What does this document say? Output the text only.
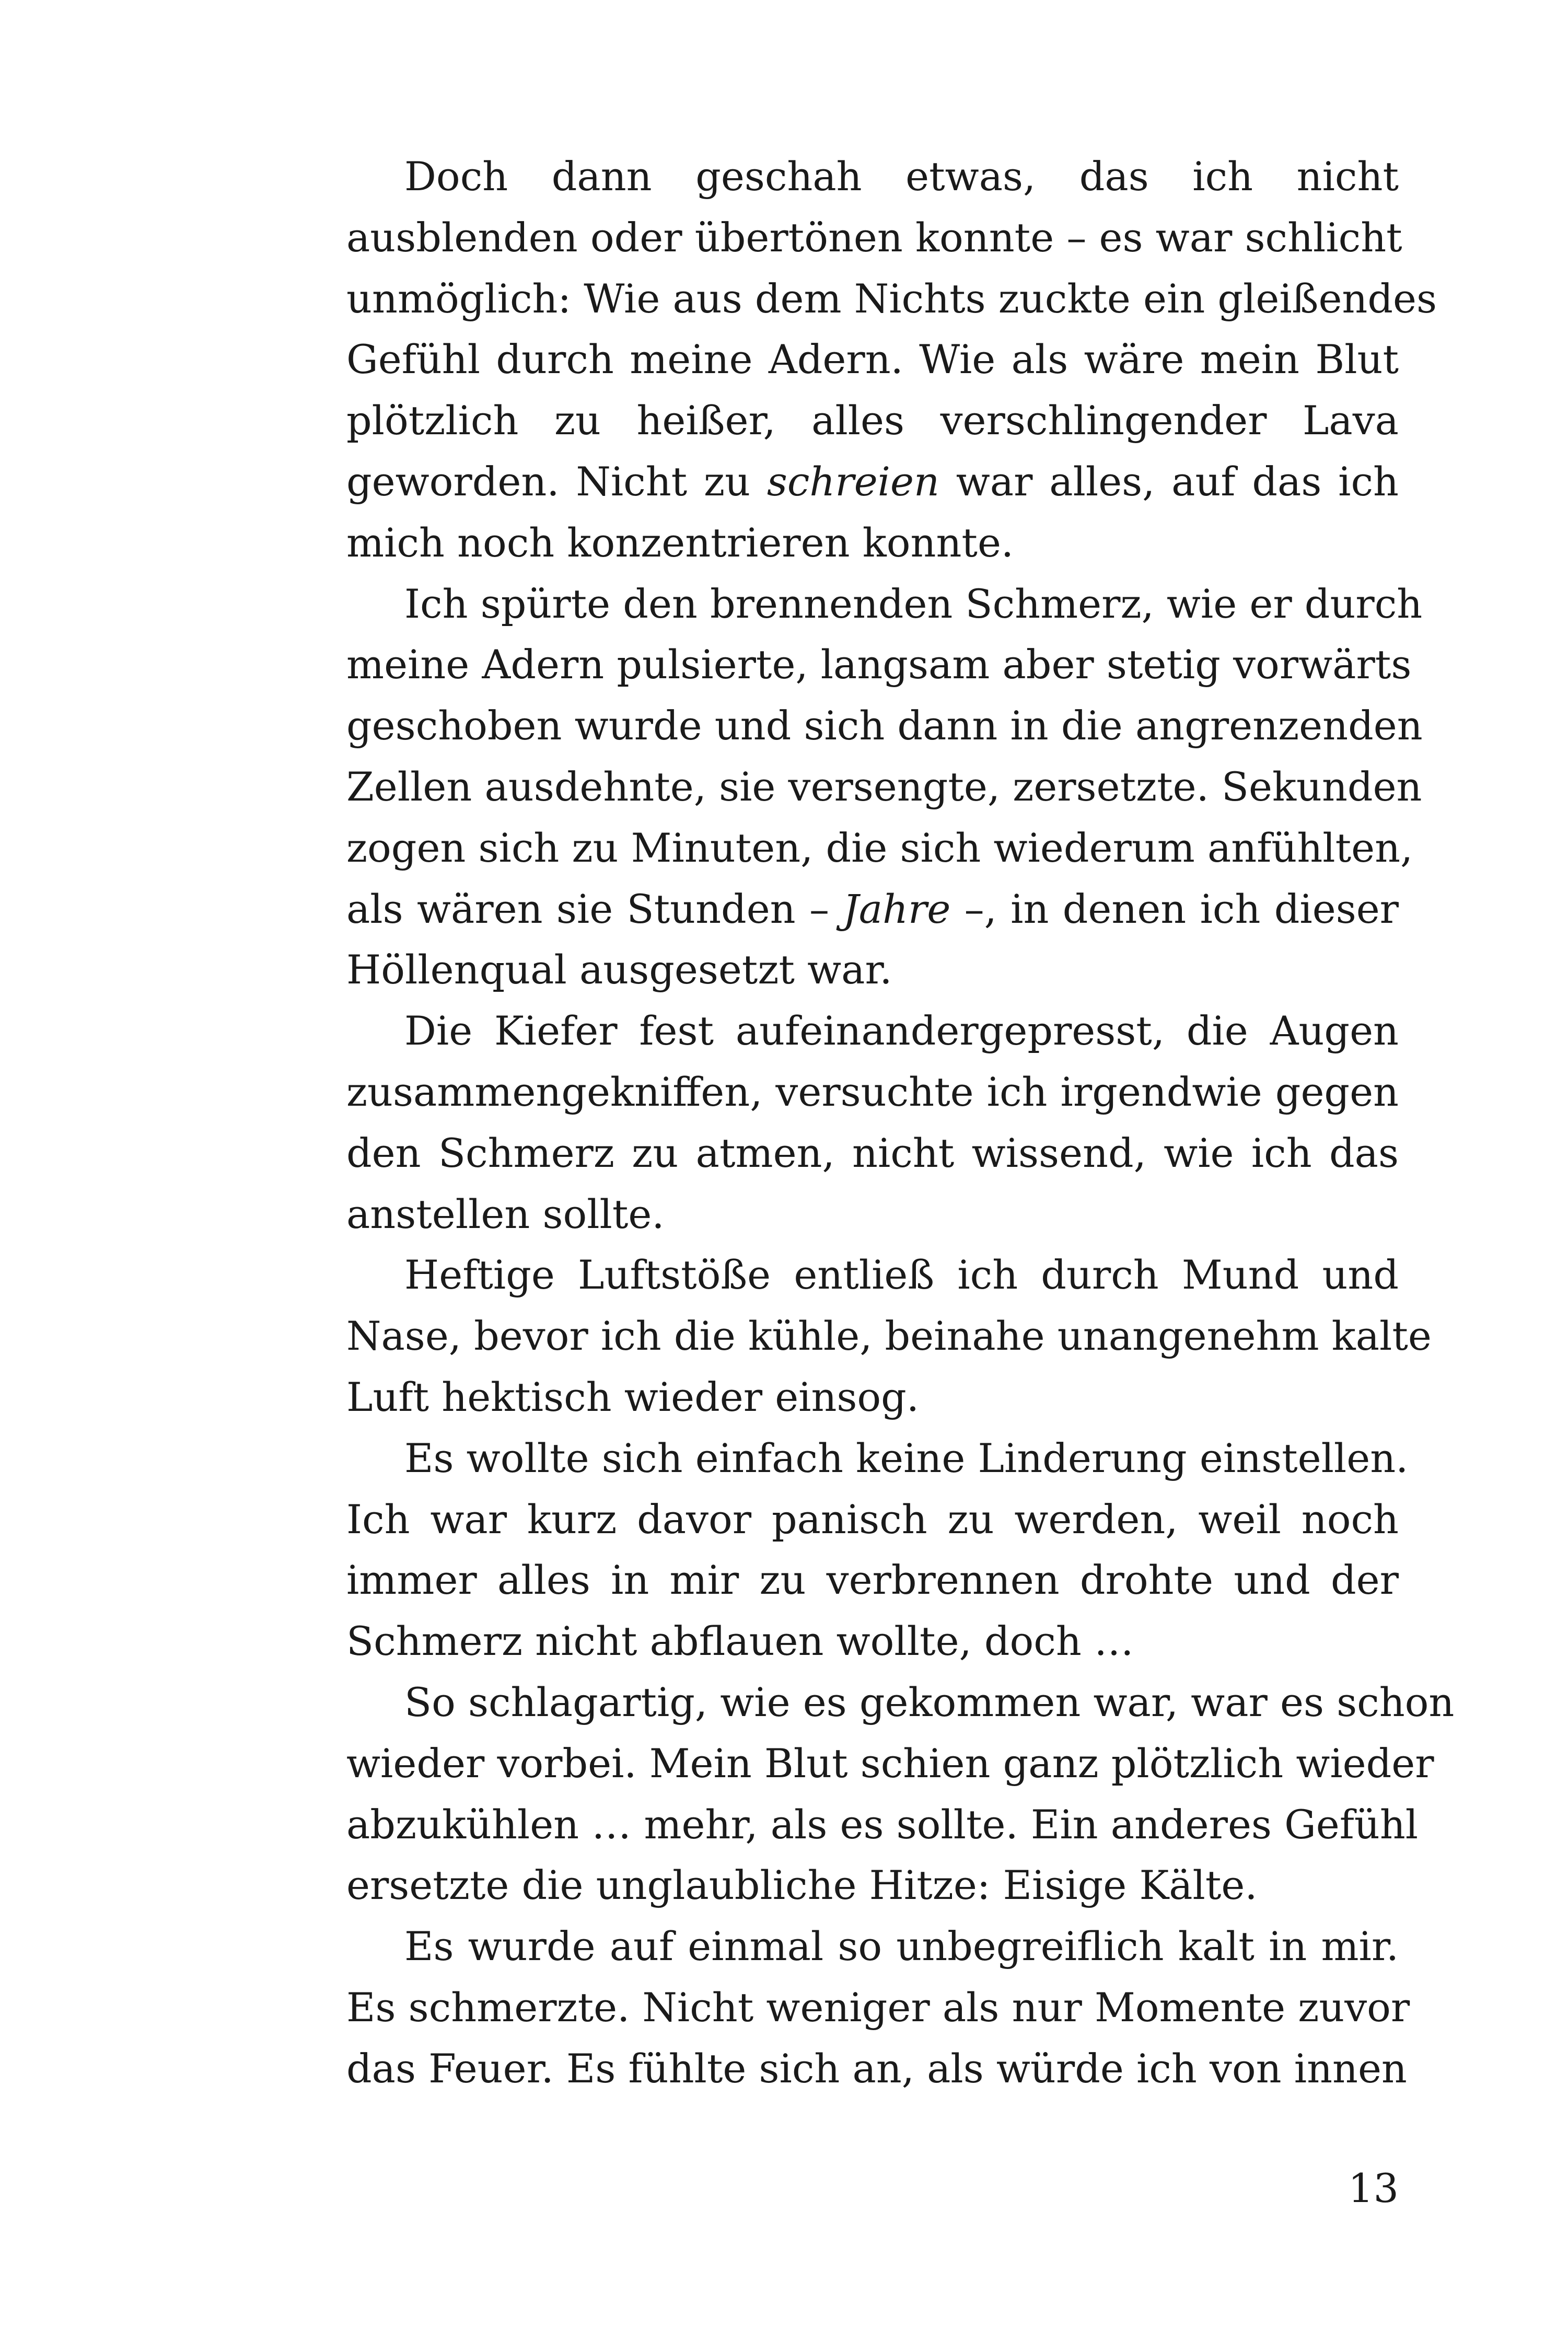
Doch dann geschah etwas, das ich nicht
ausblenden oder übertönen konnte – es war schlicht
unmöglich: Wie aus dem Nichts zuckte ein gleißendes
Gefühl durch meine Adern. Wie als wäre mein Blut
plötzlich zu heißer, alles verschlingender Lava
geworden. Nicht zu schreien war alles, auf das ich
mich noch konzentrieren konnte.
Ich spürte den brennenden Schmerz, wie er durch
meine Adern pulsierte, langsam aber stetig vorwärts
geschoben wurde und sich dann in die angrenzenden
Zellen ausdehnte, sie versengte, zersetzte. Sekunden
zogen sich zu Minuten, die sich wiederum anfühlten,
als wären sie Stunden – Jahre –, in denen ich dieser
Höllenqual ausgesetzt war.
Die Kiefer fest aufeinandergepresst, die Augen
zusammengekniffen, versuchte ich irgendwie gegen
den Schmerz zu atmen, nicht wissend, wie ich das
anstellen sollte.
Heftige Luftstöße entließ ich durch Mund und
Nase, bevor ich die kühle, beinahe unangenehm kalte
Luft hektisch wieder einsog.
Es wollte sich einfach keine Linderung einstellen.
Ich war kurz davor panisch zu werden, weil noch
immer alles in mir zu verbrennen drohte und der
Schmerz nicht abflauen wollte, doch …
So schlagartig, wie es gekommen war, war es schon
wieder vorbei. Mein Blut schien ganz plötzlich wieder
abzukühlen … mehr, als es sollte. Ein anderes Gefühl
ersetzte die unglaubliche Hitze: Eisige Kälte.
Es wurde auf einmal so unbegreiflich kalt in mir.
Es schmerzte. Nicht weniger als nur Momente zuvor
das Feuer. Es fühlte sich an, als würde ich von innen
13
